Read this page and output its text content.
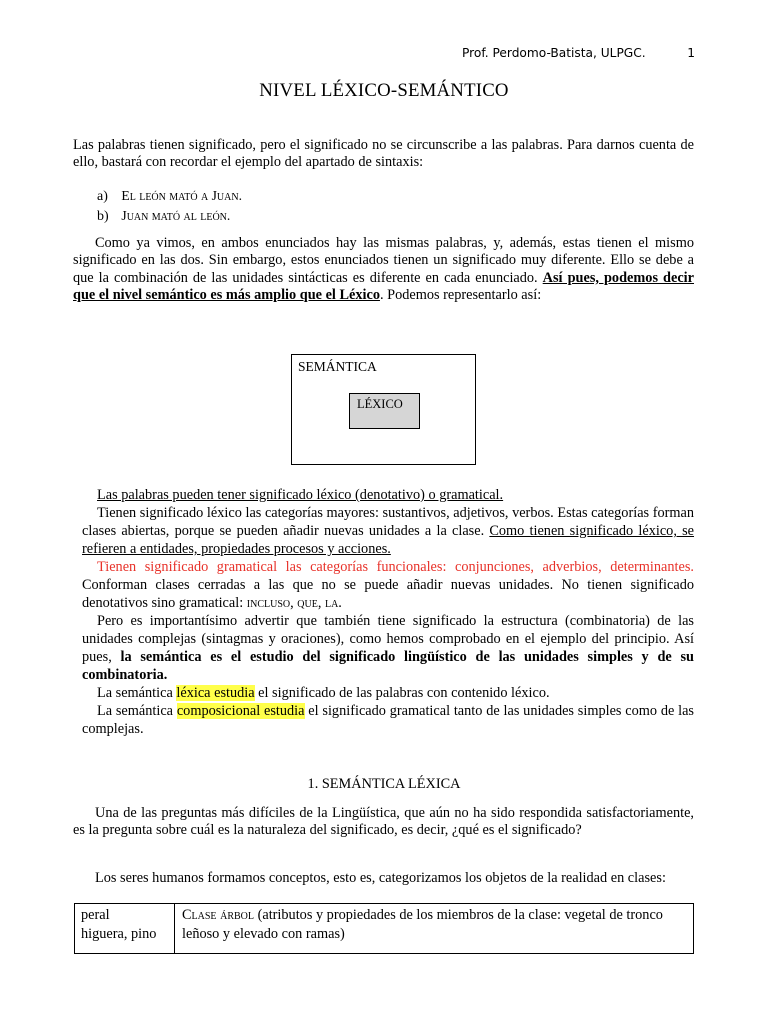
Prof. Perdomo-Batista, ULPGC.	1
NIVEL LÉXICO-SEMÁNTICO
Las palabras tienen significado, pero el significado no se circunscribe a las palabras. Para darnos cuenta de ello, bastará con recordar el ejemplo del apartado de sintaxis:
a) El león mató a Juan.
b) Juan mató al león.
Como ya vimos, en ambos enunciados hay las mismas palabras, y, además, estas tienen el mismo significado en las dos. Sin embargo, estos enunciados tienen un significado muy diferente. Ello se debe a que la combinación de las unidades sintácticas es diferente en cada enunciado. Así pues, podemos decir que el nivel semántico es más amplio que el Léxico. Podemos representarlo así:
SEMÁNTICA
LÉXICO

Las palabras pueden tener significado léxico (denotativo) o gramatical.

Tienen significado léxico las categorías mayores: sustantivos, adjetivos, verbos. Estas categorías forman clases abiertas, porque se pueden añadir nuevas unidades a la clase. Como tienen significado léxico, se refieren a entidades, propiedades procesos y acciones.

Tienen significado gramatical las categorías funcionales: conjunciones, adverbios, determinantes. Conforman clases cerradas a las que no se puede añadir nuevas unidades. No tienen significado denotativos sino gramatical: incluso, que, la.

Pero es importantísimo advertir que también tiene significado la estructura (combinatoria) de las unidades complejas (sintagmas y oraciones), como hemos comprobado en el ejemplo del principio. Así pues, la semántica es el estudio del significado lingüístico de las unidades simples y de su combinatoria.

La semántica léxica estudia el significado de las palabras con contenido léxico.

La semántica composicional estudia el significado gramatical tanto de las unidades simples como de las complejas.

1. SEMÁNTICA LÉXICA
Una de las preguntas más difíciles de la Lingüística, que aún no ha sido respondida satisfactoriamente, es la pregunta sobre cuál es la naturaleza del significado, es decir, ¿qué es el significado?
Los seres humanos formamos conceptos, esto es, categorizamos los objetos de la realidad en clases:
peral
higuera, pino
Clase árbol (atributos y propiedades de los miembros de la clase: vegetal de tronco leñoso y elevado con ramas)
